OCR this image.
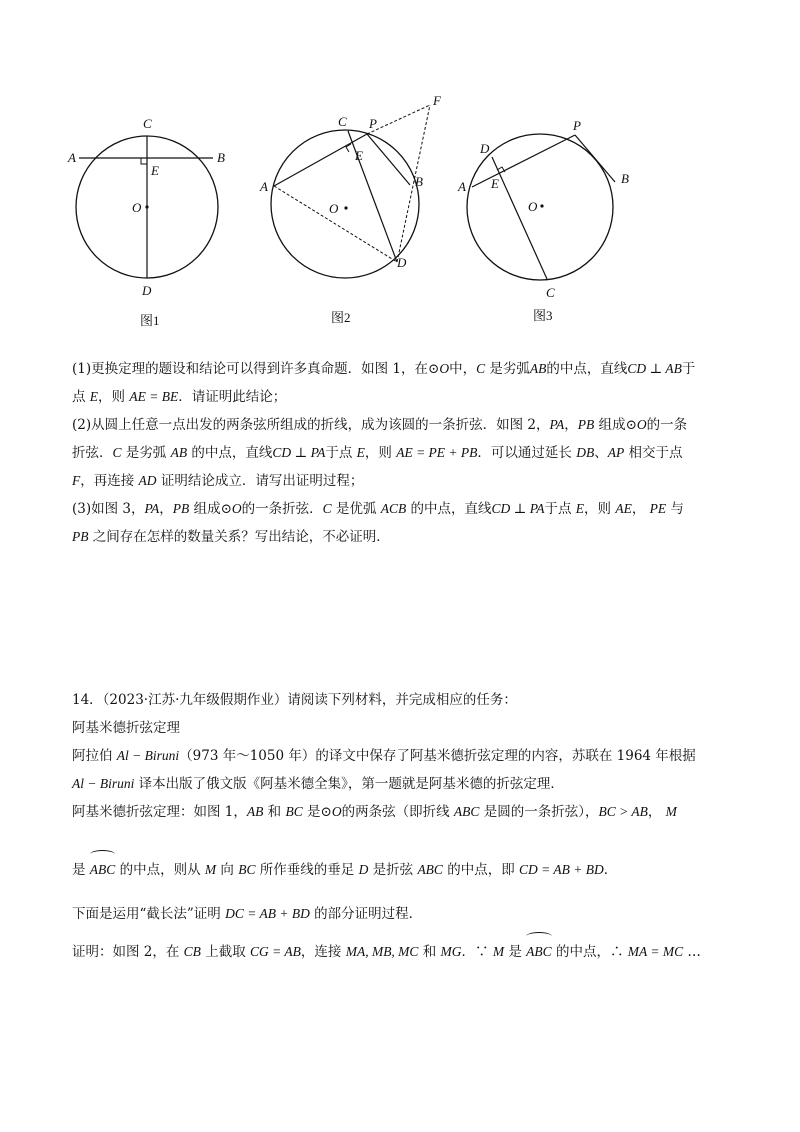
C
A	B
E
O
D
图1
C P
F
E
A	B
O
D
图2
D
P
A E	B
O
C
图3
(1)更换定理的题设和结论可以得到许多真命题．如图 1，在⊙O中，C 是劣弧AB的中点，直线CD ⊥ AB于
点 E，则 AE = BE．请证明此结论；
(2)从圆上任意一点出发的两条弦所组成的折线，成为该圆的一条折弦．如图 2，PA，PB 组成⊙O的一条
折弦．C 是劣弧 AB 的中点，直线CD ⊥ PA于点 E，则 AE = PE + PB．可以通过延长 DB、AP 相交于点
F，再连接 AD 证明结论成立．请写出证明过程；
(3)如图 3，PA，PB 组成⊙O的一条折弦．C 是优弧 ACB 的中点，直线CD ⊥ PA于点 E，则 AE， PE 与
PB 之间存在怎样的数量关系？写出结论，不必证明．
14．（2023·江苏·九年级假期作业）请阅读下列材料，并完成相应的任务：
阿基米德折弦定理
阿拉伯 Al − Biruni（973 年～1050 年）的译文中保存了阿基米德折弦定理的内容，苏联在 1964 年根据
Al − Biruni 译本出版了俄文版《阿基米德全集》，第一题就是阿基米德的折弦定理．
阿基米德折弦定理：如图 1，AB 和 BC 是⊙O的两条弦（即折线 ABC 是圆的一条折弦），BC > AB， M
是 ABC 的中点，则从 M 向 BC 所作垂线的垂足 D 是折弦 ABC 的中点，即 CD = AB + BD．
下面是运用“截长法”证明 DC = AB + BD 的部分证明过程．
证明：如图 2，在 CB 上截取 CG = AB，连接 MA, MB, MC 和 MG．∵ M 是 ABC 的中点，∴ MA = MC …
